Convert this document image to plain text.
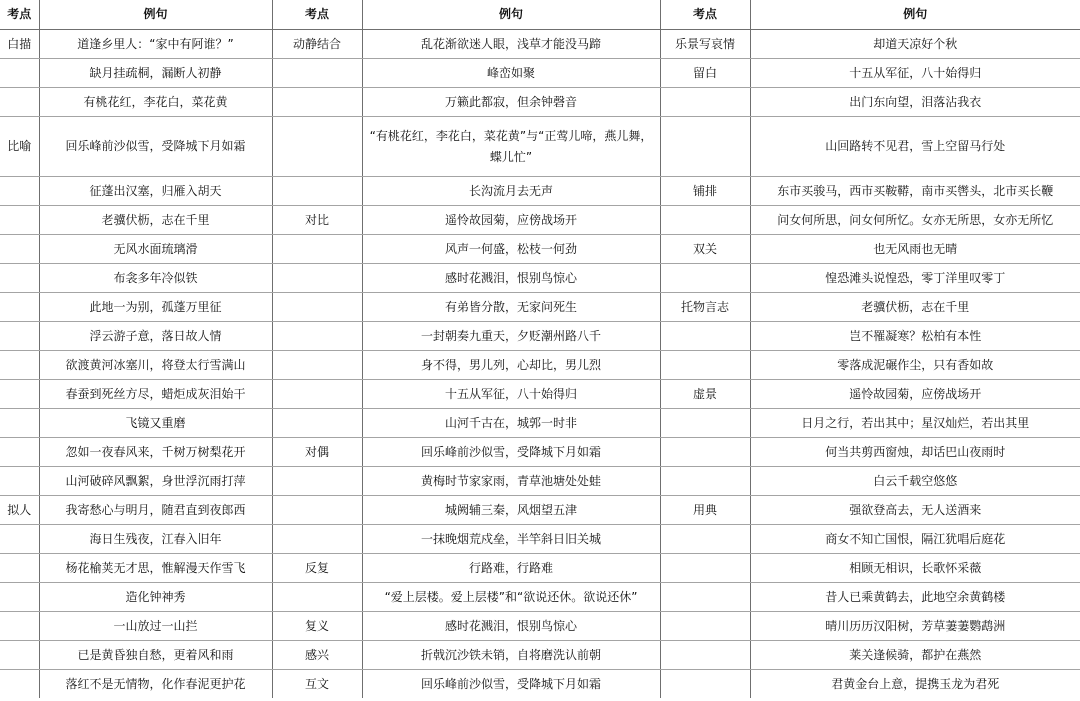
考点	例句	考点	例句	考点	例句
白描	道逢乡里人：“家中有阿谁？”	动静结合	乱花渐欲迷人眼，浅草才能没马蹄	乐景写哀情	却道天凉好个秋
	缺月挂疏桐，漏断人初静		峰峦如聚	留白	十五从军征，八十始得归
	有桃花红，李花白，菜花黄		万籁此都寂，但余钟磬音		出门东向望，泪落沾我衣
比喻	回乐峰前沙似雪，受降城下月如霜		“有桃花红，李花白，菜花黄”与“正莺儿啼，燕儿舞，蝶儿忙”		山回路转不见君，雪上空留马行处
	征蓬出汉塞，归雁入胡天		长沟流月去无声	铺排	东市买骏马，西市买鞍鞯，南市买辔头，北市买长鞭
	老骥伏枥，志在千里	对比	遥怜故园菊，应傍战场开		问女何所思，问女何所忆。女亦无所思，女亦无所忆
	无风水面琉璃滑		风声一何盛，松枝一何劲	双关	也无风雨也无晴
	布衾多年冷似铁		感时花溅泪，恨别鸟惊心		惶恐滩头说惶恐，零丁洋里叹零丁
	此地一为别，孤蓬万里征		有弟皆分散，无家问死生	托物言志	老骥伏枥，志在千里
	浮云游子意，落日故人情		一封朝奏九重天，夕贬潮州路八千		岂不罹凝寒？松柏有本性
	欲渡黄河冰塞川，将登太行雪满山		身不得，男儿列，心却比，男儿烈		零落成泥碾作尘，只有香如故
	春蚕到死丝方尽，蜡炬成灰泪始干		十五从军征，八十始得归	虚景	遥怜故园菊，应傍战场开
	飞镜又重磨		山河千古在，城郭一时非		日月之行，若出其中；星汉灿烂，若出其里
	忽如一夜春风来，千树万树梨花开	对偶	回乐峰前沙似雪，受降城下月如霜		何当共剪西窗烛，却话巴山夜雨时
	山河破碎风飘絮，身世浮沉雨打萍		黄梅时节家家雨，青草池塘处处蛙		白云千载空悠悠
拟人	我寄愁心与明月，随君直到夜郎西		城阙辅三秦，风烟望五津	用典	强欲登高去，无人送酒来
	海日生残夜，江春入旧年		一抹晚烟荒戍垒，半竿斜日旧关城		商女不知亡国恨，隔江犹唱后庭花
	杨花榆荚无才思，惟解漫天作雪飞	反复	行路难，行路难		相顾无相识，长歌怀采薇
	造化钟神秀		“爱上层楼。爱上层楼”和“欲说还休。欲说还休”		昔人已乘黄鹤去，此地空余黄鹤楼
	一山放过一山拦	复义	感时花溅泪，恨别鸟惊心		晴川历历汉阳树，芳草萋萋鹦鹉洲
	已是黄昏独自愁，更着风和雨	感兴	折戟沉沙铁未销，自将磨洗认前朝		莱关逢候骑，都护在燕然
	落红不是无情物，化作春泥更护花	互文	回乐峰前沙似雪，受降城下月如霜		君黄金台上意，提携玉龙为君死
